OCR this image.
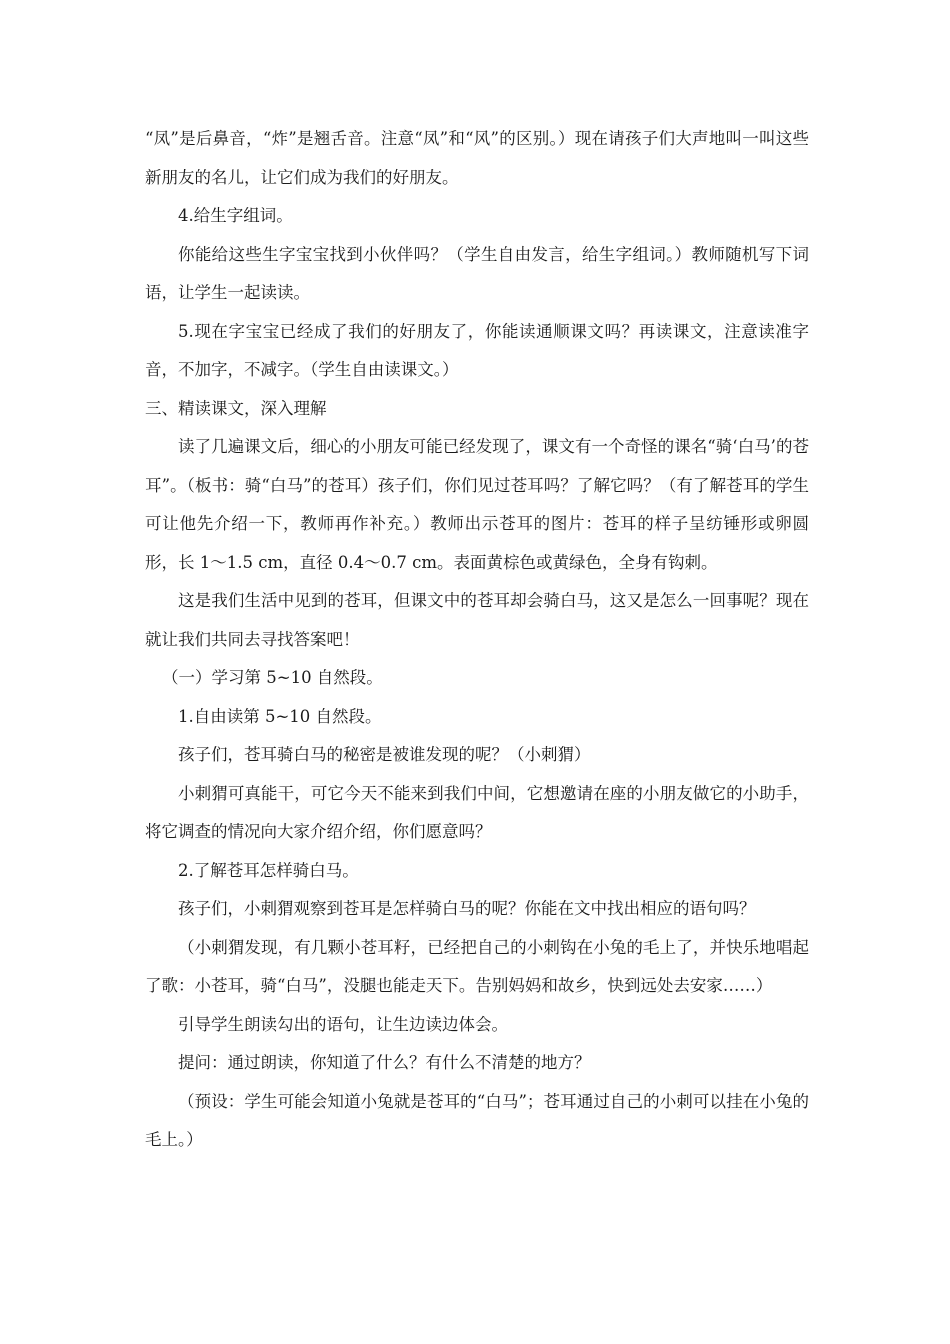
“凤”是后鼻音，“炸”是翘舌音。注意“凤”和“风”的区别。）现在请孩子们大声地叫一叫这些新朋友的名儿，让它们成为我们的好朋友。

4.给生字组词。

你能给这些生字宝宝找到小伙伴吗？（学生自由发言，给生字组词。）教师随机写下词语，让学生一起读读。

5.现在字宝宝已经成了我们的好朋友了，你能读通顺课文吗？再读课文，注意读准字音，不加字，不减字。（学生自由读课文。）

三、精读课文，深入理解

读了几遍课文后，细心的小朋友可能已经发现了，课文有一个奇怪的课名“骑‘白马’的苍耳”。（板书：骑“白马”的苍耳）孩子们，你们见过苍耳吗？了解它吗？（有了解苍耳的学生可让他先介绍一下，教师再作补充。）教师出示苍耳的图片：苍耳的样子呈纺锤形或卵圆形，长 1～1.5 cm，直径 0.4～0.7 cm。表面黄棕色或黄绿色，全身有钩刺。

这是我们生活中见到的苍耳，但课文中的苍耳却会骑白马，这又是怎么一回事呢？现在就让我们共同去寻找答案吧！

（一）学习第 5~10 自然段。

1.自由读第 5~10 自然段。

孩子们，苍耳骑白马的秘密是被谁发现的呢？（小刺猬）

小刺猬可真能干，可它今天不能来到我们中间，它想邀请在座的小朋友做它的小助手，将它调查的情况向大家介绍介绍，你们愿意吗？

2.了解苍耳怎样骑白马。

孩子们，小刺猬观察到苍耳是怎样骑白马的呢？你能在文中找出相应的语句吗？

（小刺猬发现，有几颗小苍耳籽，已经把自己的小刺钩在小兔的毛上了，并快乐地唱起了歌：小苍耳，骑“白马”，没腿也能走天下。告别妈妈和故乡，快到远处去安家……）

引导学生朗读勾出的语句，让生边读边体会。

提问：通过朗读，你知道了什么？有什么不清楚的地方？

（预设：学生可能会知道小兔就是苍耳的“白马”；苍耳通过自己的小刺可以挂在小兔的毛上。）
